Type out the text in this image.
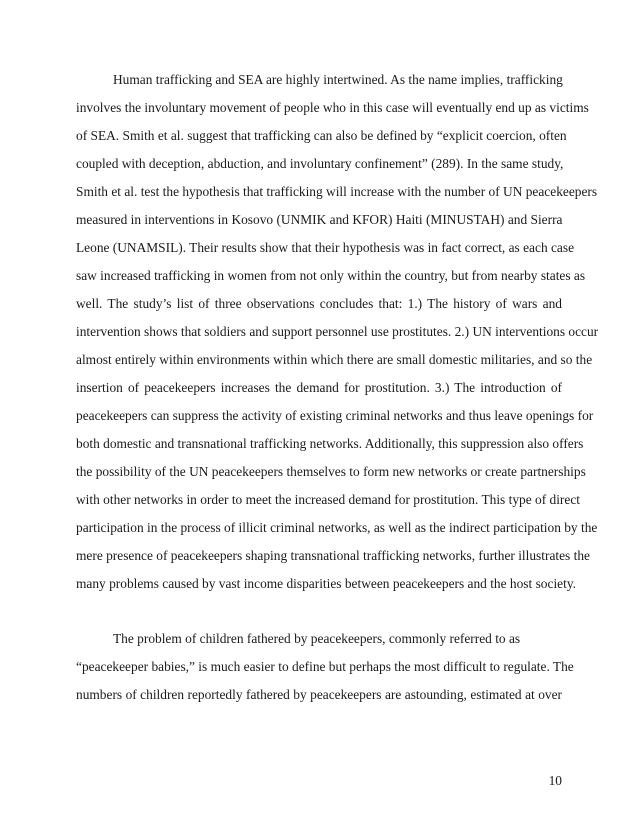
Human trafficking and SEA are highly intertwined. As the name implies, trafficking
involves the involuntary movement of people who in this case will eventually end up as victims
of SEA. Smith et al. suggest that trafficking can also be defined by “explicit coercion, often
coupled with deception, abduction, and involuntary confinement” (289). In the same study,
Smith et al. test the hypothesis that trafficking will increase with the number of UN peacekeepers
measured in interventions in Kosovo (UNMIK and KFOR) Haiti (MINUSTAH) and Sierra
Leone (UNAMSIL). Their results show that their hypothesis was in fact correct, as each case
saw increased trafficking in women from not only within the country, but from nearby states as
well. The study’s list of three observations concludes that: 1.) The history of wars and
intervention shows that soldiers and support personnel use prostitutes. 2.) UN interventions occur
almost entirely within environments within which there are small domestic militaries, and so the
insertion of peacekeepers increases the demand for prostitution. 3.) The introduction of
peacekeepers can suppress the activity of existing criminal networks and thus leave openings for
both domestic and transnational trafficking networks. Additionally, this suppression also offers
the possibility of the UN peacekeepers themselves to form new networks or create partnerships
with other networks in order to meet the increased demand for prostitution. This type of direct
participation in the process of illicit criminal networks, as well as the indirect participation by the
mere presence of peacekeepers shaping transnational trafficking networks, further illustrates the
many problems caused by vast income disparities between peacekeepers and the host society.
The problem of children fathered by peacekeepers, commonly referred to as
“peacekeeper babies,” is much easier to define but perhaps the most difficult to regulate. The
numbers of children reportedly fathered by peacekeepers are astounding, estimated at over
10
